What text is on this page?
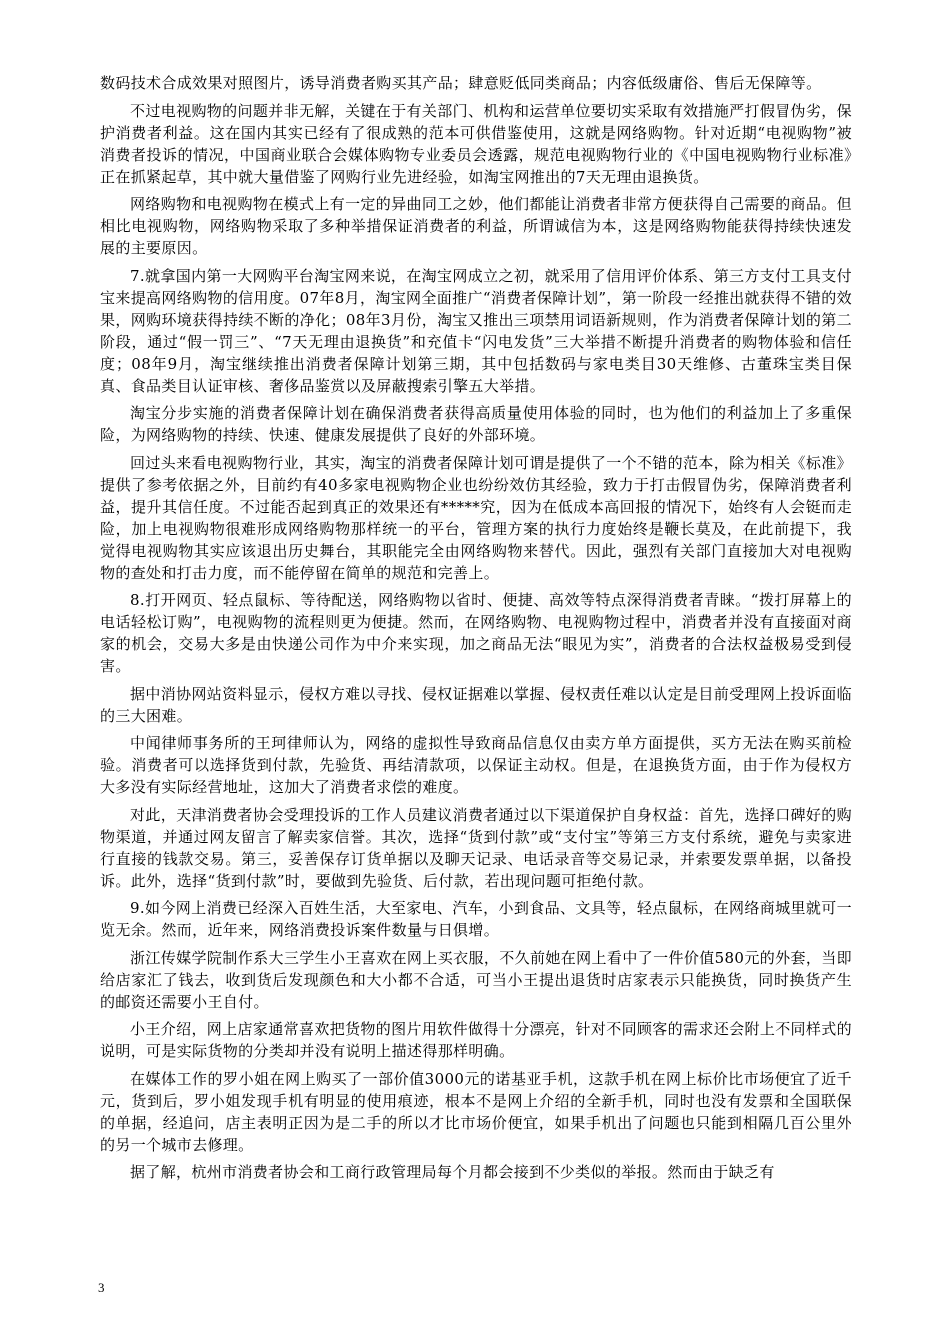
数码技术合成效果对照图片，诱导消费者购买其产品；肆意贬低同类商品；内容低级庸俗、售后无保障等。

不过电视购物的问题并非无解，关键在于有关部门、机构和运营单位要切实采取有效措施严打假冒伪劣，保护消费者利益。这在国内其实已经有了很成熟的范本可供借鉴使用，这就是网络购物。针对近期“电视购物”被消费者投诉的情况，中国商业联合会媒体购物专业委员会透露，规范电视购物行业的《中国电视购物行业标准》正在抓紧起草，其中就大量借鉴了网购行业先进经验，如淘宝网推出的7天无理由退换货。

网络购物和电视购物在模式上有一定的异曲同工之妙，他们都能让消费者非常方便获得自己需要的商品。但相比电视购物，网络购物采取了多种举措保证消费者的利益，所谓诚信为本，这是网络购物能获得持续快速发展的主要原因。

7.就拿国内第一大网购平台淘宝网来说，在淘宝网成立之初，就采用了信用评价体系、第三方支付工具支付宝来提高网络购物的信用度。07年8月，淘宝网全面推广“消费者保障计划”，第一阶段一经推出就获得不错的效果，网购环境获得持续不断的净化；08年3月份，淘宝又推出三项禁用词语新规则，作为消费者保障计划的第二阶段，通过“假一罚三”、“7天无理由退换货”和充值卡“闪电发货”三大举措不断提升消费者的购物体验和信任度；08年9月，淘宝继续推出消费者保障计划第三期，其中包括数码与家电类目30天维修、古董珠宝类目保真、食品类目认证审核、奢侈品鉴赏以及屏蔽搜索引擎五大举措。

淘宝分步实施的消费者保障计划在确保消费者获得高质量使用体验的同时，也为他们的利益加上了多重保险，为网络购物的持续、快速、健康发展提供了良好的外部环境。

回过头来看电视购物行业，其实，淘宝的消费者保障计划可谓是提供了一个不错的范本，除为相关《标准》提供了参考依据之外，目前约有40多家电视购物企业也纷纷效仿其经验，致力于打击假冒伪劣，保障消费者利益，提升其信任度。不过能否起到真正的效果还有*****究，因为在低成本高回报的情况下，始终有人会铤而走险，加上电视购物很难形成网络购物那样统一的平台，管理方案的执行力度始终是鞭长莫及，在此前提下，我觉得电视购物其实应该退出历史舞台，其职能完全由网络购物来替代。因此，强烈有关部门直接加大对电视购物的查处和打击力度，而不能停留在简单的规范和完善上。

8.打开网页、轻点鼠标、等待配送，网络购物以省时、便捷、高效等特点深得消费者青睐。“拨打屏幕上的电话轻松订购”，电视购物的流程则更为便捷。然而，在网络购物、电视购物过程中，消费者并没有直接面对商家的机会，交易大多是由快递公司作为中介来实现，加之商品无法“眼见为实”，消费者的合法权益极易受到侵害。

据中消协网站资料显示，侵权方难以寻找、侵权证据难以掌握、侵权责任难以认定是目前受理网上投诉面临的三大困难。

中闻律师事务所的王珂律师认为，网络的虚拟性导致商品信息仅由卖方单方面提供，买方无法在购买前检验。消费者可以选择货到付款，先验货、再结清款项，以保证主动权。但是，在退换货方面，由于作为侵权方大多没有实际经营地址，这加大了消费者求偿的难度。

对此，天津消费者协会受理投诉的工作人员建议消费者通过以下渠道保护自身权益：首先，选择口碑好的购物渠道，并通过网友留言了解卖家信誉。其次，选择“货到付款”或“支付宝”等第三方支付系统，避免与卖家进行直接的钱款交易。第三，妥善保存订货单据以及聊天记录、电话录音等交易记录，并索要发票单据，以备投诉。此外，选择“货到付款”时，要做到先验货、后付款，若出现问题可拒绝付款。

9.如今网上消费已经深入百姓生活，大至家电、汽车，小到食品、文具等，轻点鼠标，在网络商城里就可一览无余。然而，近年来，网络消费投诉案件数量与日俱增。

浙江传媒学院制作系大三学生小王喜欢在网上买衣服，不久前她在网上看中了一件价值580元的外套，当即给店家汇了钱去，收到货后发现颜色和大小都不合适，可当小王提出退货时店家表示只能换货，同时换货产生的邮资还需要小王自付。

小王介绍，网上店家通常喜欢把货物的图片用软件做得十分漂亮，针对不同顾客的需求还会附上不同样式的说明，可是实际货物的分类却并没有说明上描述得那样明确。

在媒体工作的罗小姐在网上购买了一部价值3000元的诺基亚手机，这款手机在网上标价比市场便宜了近千元，货到后，罗小姐发现手机有明显的使用痕迹，根本不是网上介绍的全新手机，同时也没有发票和全国联保的单据，经追问，店主表明正因为是二手的所以才比市场价便宜，如果手机出了问题也只能到相隔几百公里外的另一个城市去修理。

据了解，杭州市消费者协会和工商行政管理局每个月都会接到不少类似的举报。然而由于缺乏有

3
